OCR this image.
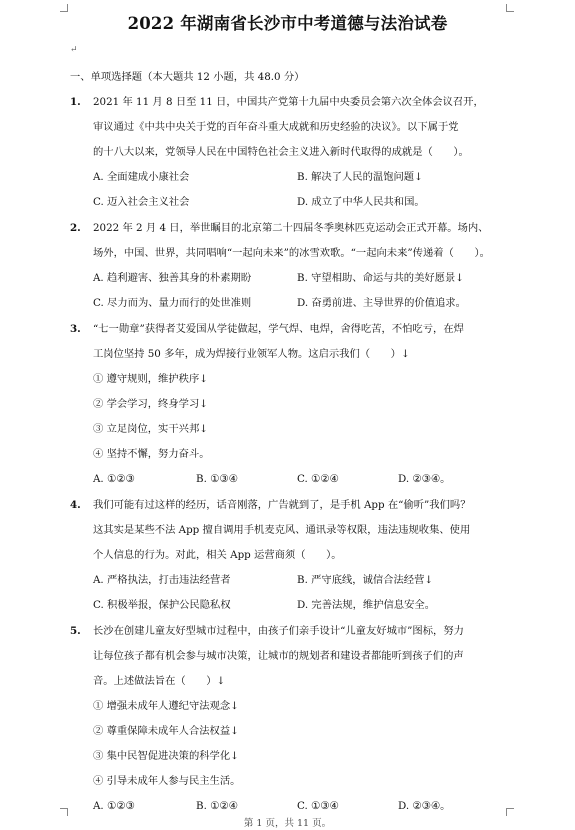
2022 年湖南省长沙市中考道德与法治试卷
↵
一、单项选择题（本大题共 12 小题，共 48.0 分）
1. 2021 年 11 月 8 日至 11 日，中国共产党第十九届中央委员会第六次全体会议召开，
审议通过《中共中央关于党的百年奋斗重大成就和历史经验的决议》。以下属于党
的十八大以来，党领导人民在中国特色社会主义进入新时代取得的成就是（　　）。
A. 全面建成小康社会	B. 解决了人民的温饱问题↓
C. 迈入社会主义社会	D. 成立了中华人民共和国。
2. 2022 年 2 月 4 日，举世瞩目的北京第二十四届冬季奥林匹克运动会正式开幕。场内、
场外，中国、世界，共同唱响“一起向未来”的冰雪欢歌。“一起向未来”传递着（　　）。
A. 趋利避害、独善其身的朴素期盼	B. 守望相助、命运与共的美好愿景↓
C. 尽力而为、量力而行的处世准则	D. 奋勇前进、主导世界的价值追求。
3. “七一勋章”获得者艾爱国从学徒做起，学气焊、电焊，舍得吃苦，不怕吃亏，在焊
工岗位坚持 50 多年，成为焊接行业领军人物。这启示我们（　　）↓
① 遵守规则，维护秩序↓
② 学会学习，终身学习↓
③ 立足岗位，实干兴邦↓
④ 坚持不懈，努力奋斗。
A. ①②③	B. ①③④	C. ①②④	D. ②③④。
4. 我们可能有过这样的经历，话音刚落，广告就到了，是手机 App 在“偷听”我们吗？
这其实是某些不法 App 擅自调用手机麦克风、通讯录等权限，违法违规收集、使用
个人信息的行为。对此，相关 App 运营商须（　　）。
A. 严格执法，打击违法经营者	B. 严守底线，诚信合法经营↓
C. 积极举报，保护公民隐私权	D. 完善法规，维护信息安全。
5. 长沙在创建儿童友好型城市过程中，由孩子们亲手设计“儿童友好城市”图标，努力
让每位孩子都有机会参与城市决策，让城市的规划者和建设者都能听到孩子们的声
音。上述做法旨在（　　）↓
① 增强未成年人遵纪守法观念↓
② 尊重保障未成年人合法权益↓
③ 集中民智促进决策的科学化↓
④ 引导未成年人参与民主生活。
A. ①②③	B. ①②④	C. ①③④	D. ②③④。
第 1 页，共 11 页。
